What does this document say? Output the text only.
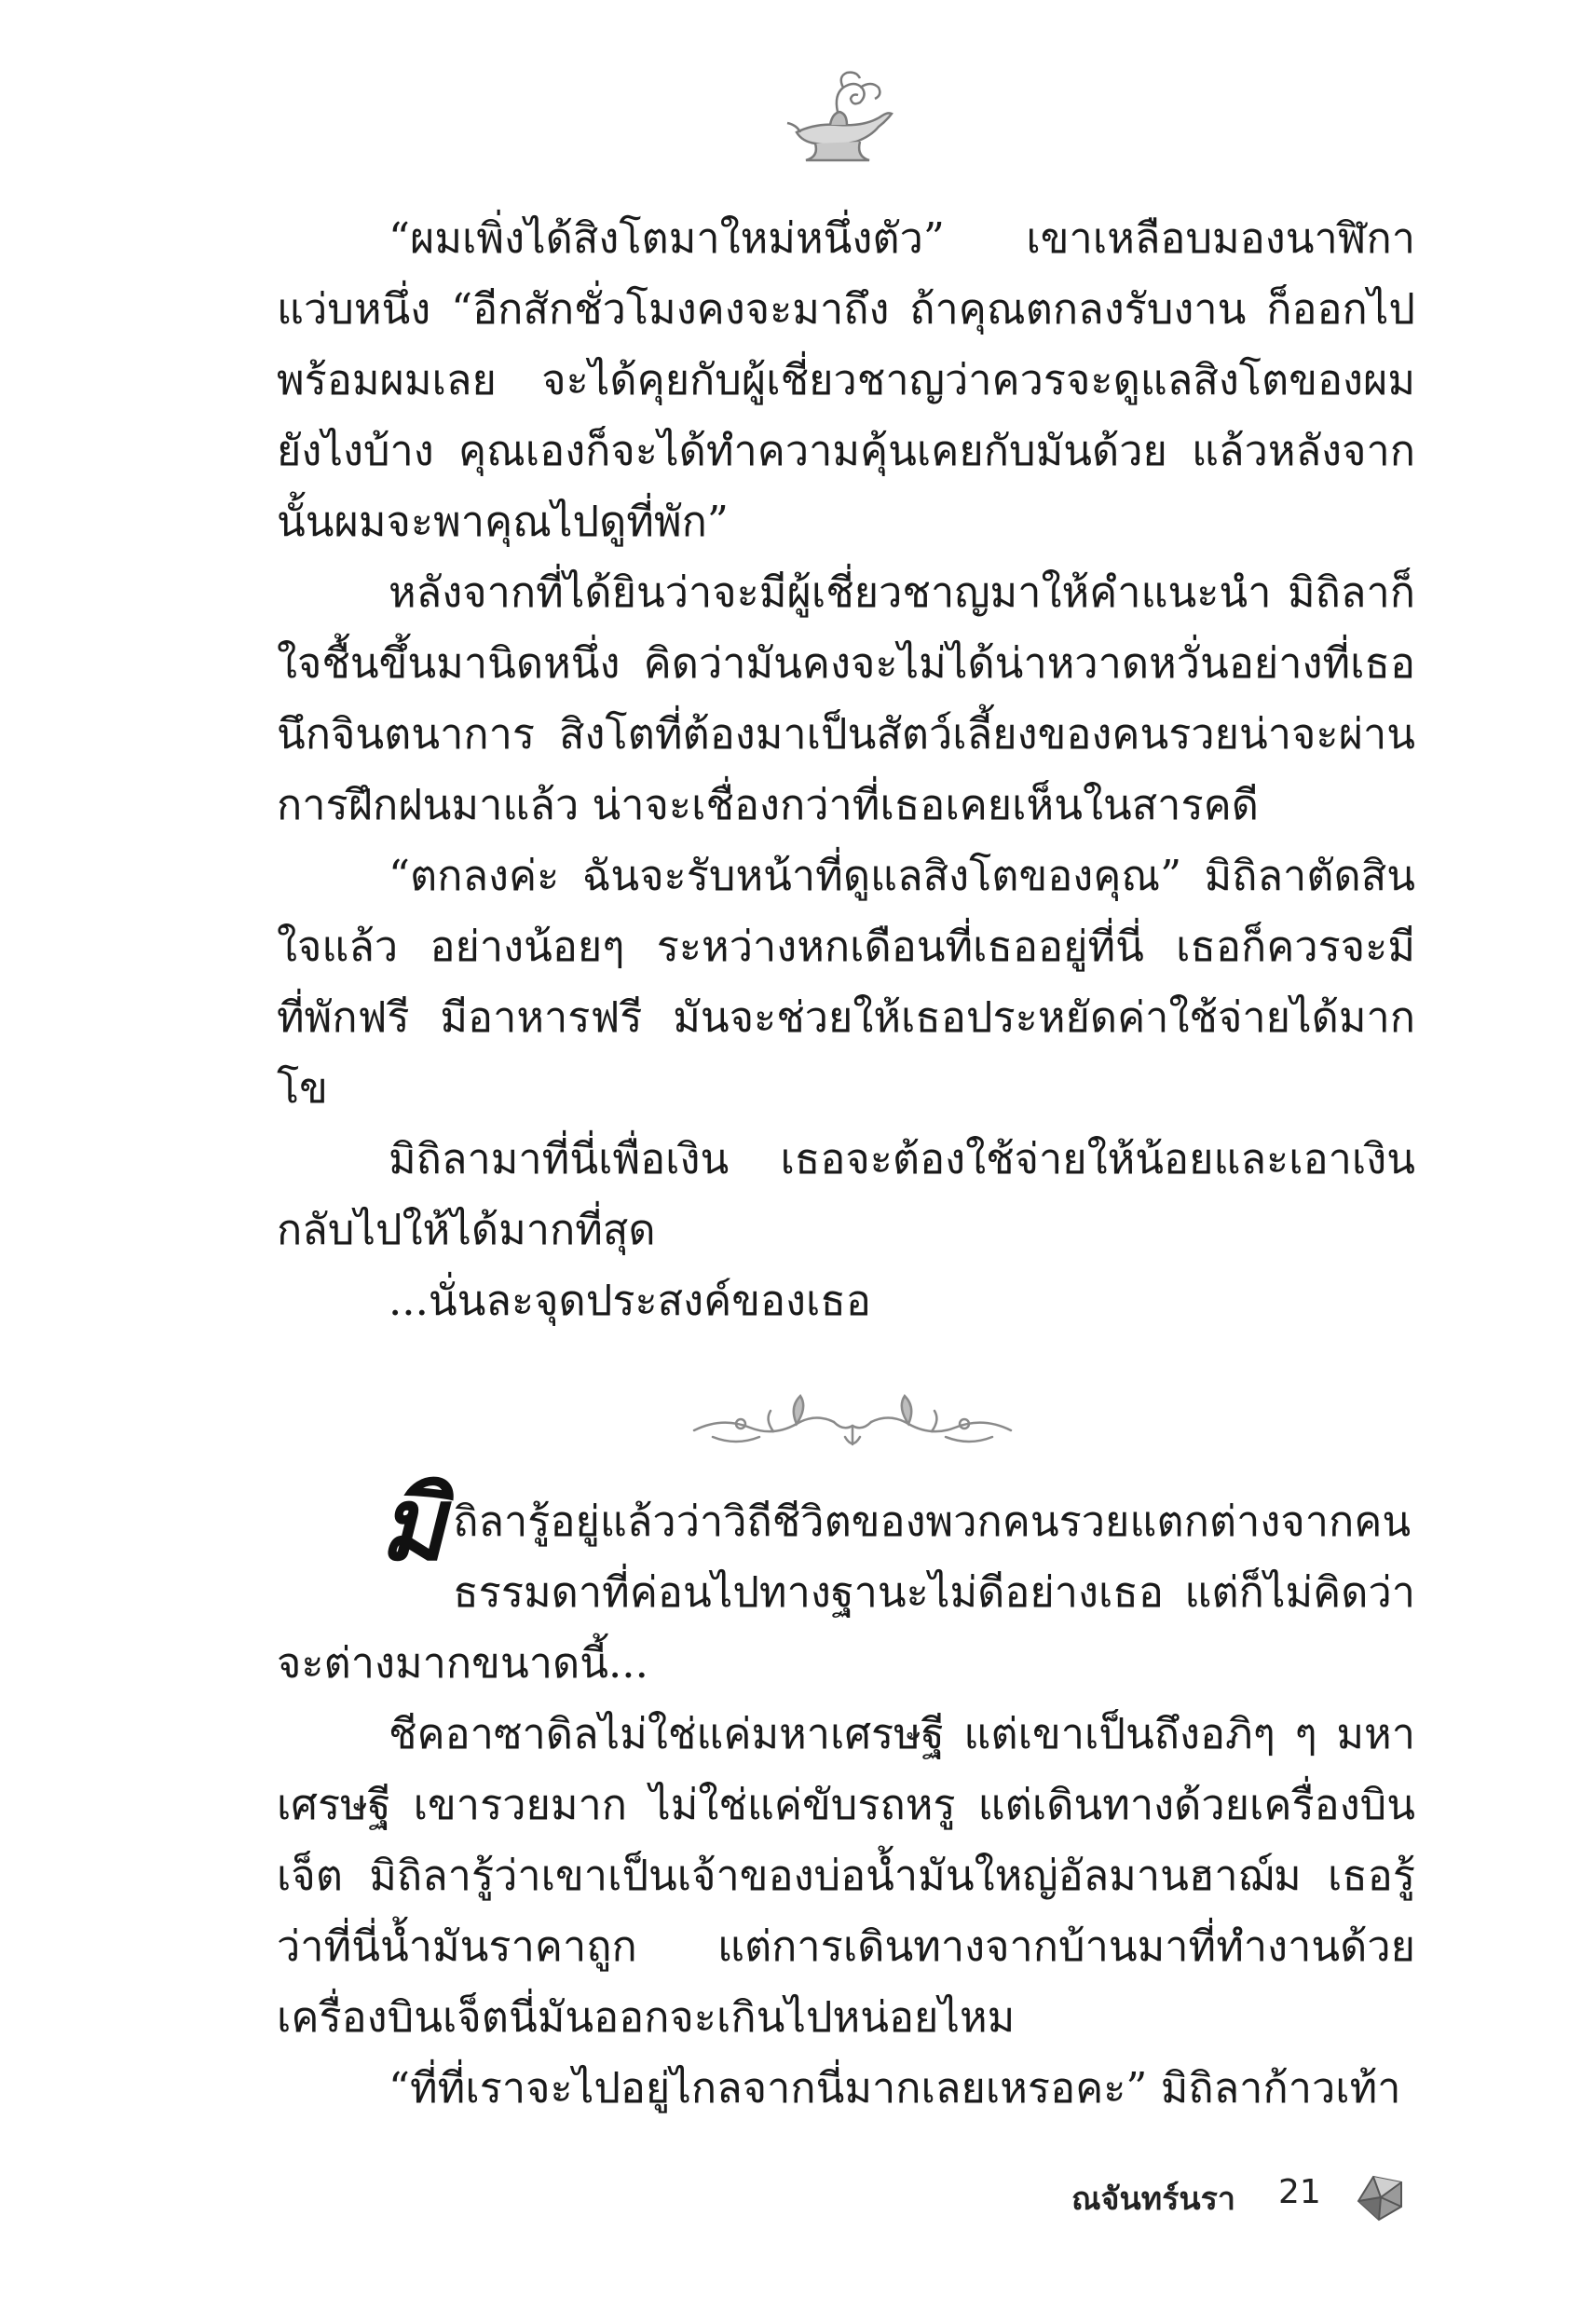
“ผมเพิ่งได้สิงโตมาใหม่หนึ่งตัว” เขาเหลือบมองนาฬิกาแว่บหนึ่ง “อีกสักชั่วโมงคงจะมาถึง ถ้าคุณตกลงรับงาน ก็ออกไปพร้อมผมเลย จะได้คุยกับผู้เชี่ยวชาญว่าควรจะดูแลสิงโตของผมยังไงบ้าง คุณเองก็จะได้ทำความคุ้นเคยกับมันด้วย แล้วหลังจากนั้นผมจะพาคุณไปดูที่พัก”

หลังจากที่ได้ยินว่าจะมีผู้เชี่ยวชาญมาให้คำแนะนำ มิถิลาก็ใจชื้นขึ้นมานิดหนึ่ง คิดว่ามันคงจะไม่ได้น่าหวาดหวั่นอย่างที่เธอนึกจินตนาการ สิงโตที่ต้องมาเป็นสัตว์เลี้ยงของคนรวยน่าจะผ่านการฝึกฝนมาแล้ว น่าจะเชื่องกว่าที่เธอเคยเห็นในสารคดี

“ตกลงค่ะ ฉันจะรับหน้าที่ดูแลสิงโตของคุณ” มิถิลาตัดสินใจแล้ว อย่างน้อยๆ ระหว่างหกเดือนที่เธออยู่ที่นี่ เธอก็ควรจะมีที่พักฟรี มีอาหารฟรี มันจะช่วยให้เธอประหยัดค่าใช้จ่ายได้มากโข

มิถิลามาที่นี่เพื่อเงิน เธอจะต้องใช้จ่ายให้น้อยและเอาเงินกลับไปให้ได้มากที่สุด

...นั่นละจุดประสงค์ของเธอ

มิถิลารู้อยู่แล้วว่าวิถีชีวิตของพวกคนรวยแตกต่างจากคนธรรมดาที่ค่อนไปทางฐานะไม่ดีอย่างเธอ แต่ก็ไม่คิดว่าจะต่างมากขนาดนี้...

ชีคอาซาดิลไม่ใช่แค่มหาเศรษฐี แต่เขาเป็นถึงอภิๆ ๆ มหาเศรษฐี เขารวยมาก ไม่ใช่แค่ขับรถหรู แต่เดินทางด้วยเครื่องบินเจ็ต มิถิลารู้ว่าเขาเป็นเจ้าของบ่อน้ำมันใหญ่อัลมานฮาฌ์ม เธอรู้ว่าที่นี่น้ำมันราคาถูก แต่การเดินทางจากบ้านมาที่ทำงานด้วยเครื่องบินเจ็ตนี่มันออกจะเกินไปหน่อยไหม

“ที่ที่เราจะไปอยู่ไกลจากนี่มากเลยเหรอคะ” มิถิลาก้าวเท้า

ณจันทร์นรา 21
